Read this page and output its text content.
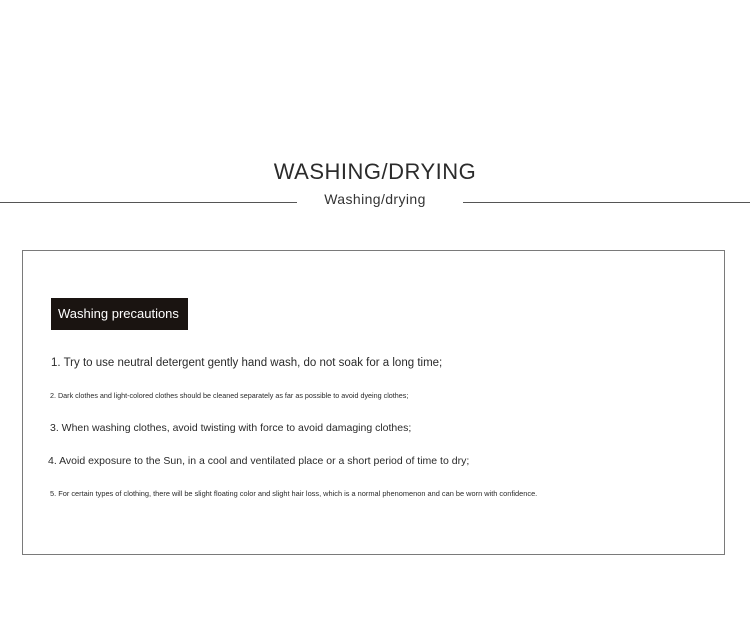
WASHING/DRYING
Washing/drying
Washing precautions
1. Try to use neutral detergent gently hand wash, do not soak for a long time;
2. Dark clothes and light-colored clothes should be cleaned separately as far as possible to avoid dyeing clothes;
3. When washing clothes, avoid twisting with force to avoid damaging clothes;
4. Avoid exposure to the Sun, in a cool and ventilated place or a short period of time to dry;
5. For certain types of clothing, there will be slight floating color and slight hair loss, which is a normal phenomenon and can be worn with confidence.
